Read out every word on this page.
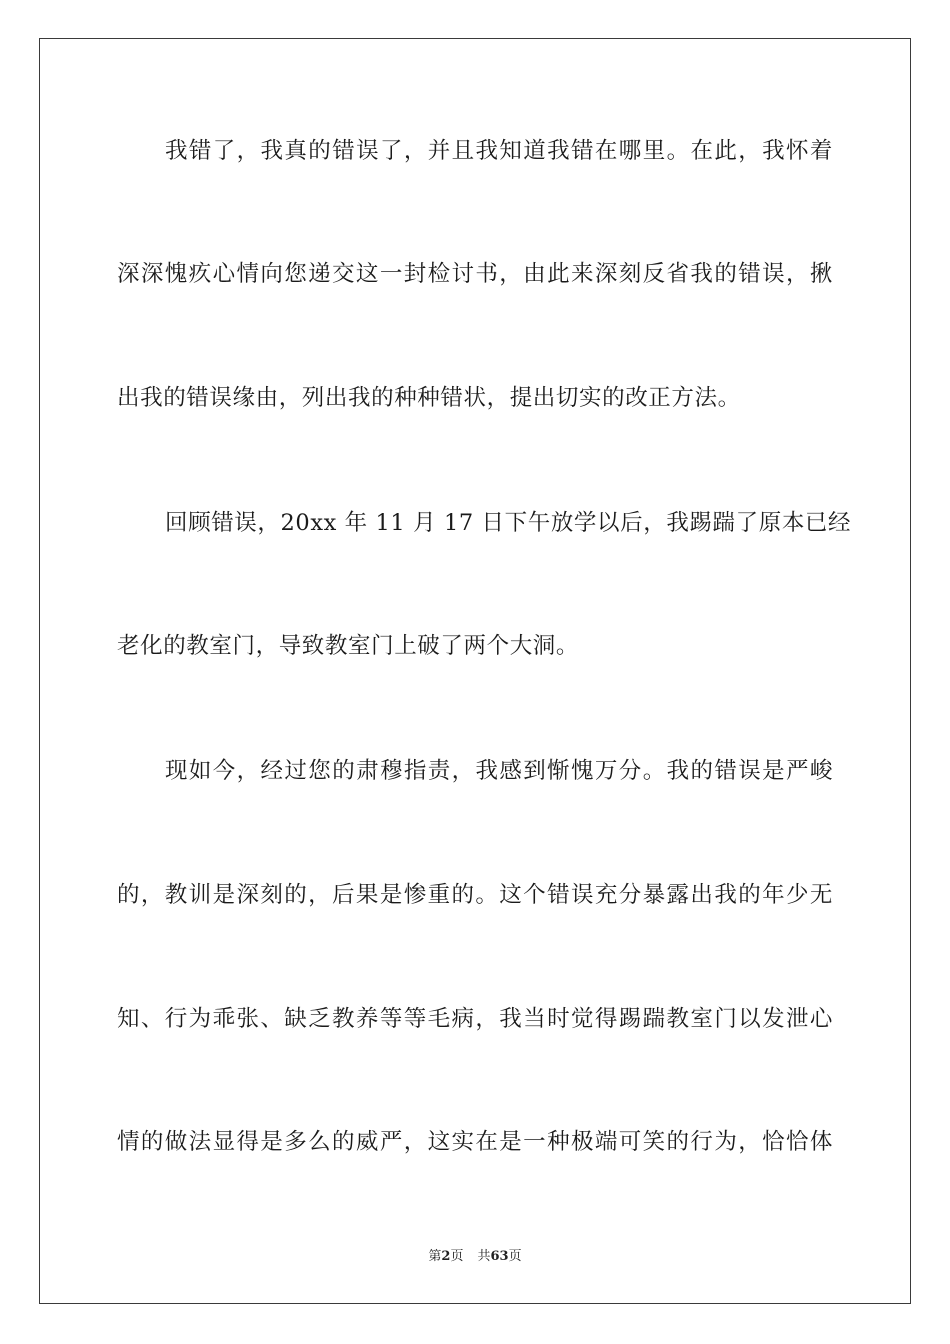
我错了，我真的错误了，并且我知道我错在哪里。在此，我怀着
深深愧疚心情向您递交这一封检讨书，由此来深刻反省我的错误，揪
出我的错误缘由，列出我的种种错状，提出切实的改正方法。
回顾错误，20xx 年 11 月 17 日下午放学以后，我踢踹了原本已经
老化的教室门，导致教室门上破了两个大洞。
现如今，经过您的肃穆指责，我感到惭愧万分。我的错误是严峻
的，教训是深刻的，后果是惨重的。这个错误充分暴露出我的年少无
知、行为乖张、缺乏教养等等毛病，我当时觉得踢踹教室门以发泄心
情的做法显得是多么的威严，这实在是一种极端可笑的行为，恰恰体
第2页 共63页
